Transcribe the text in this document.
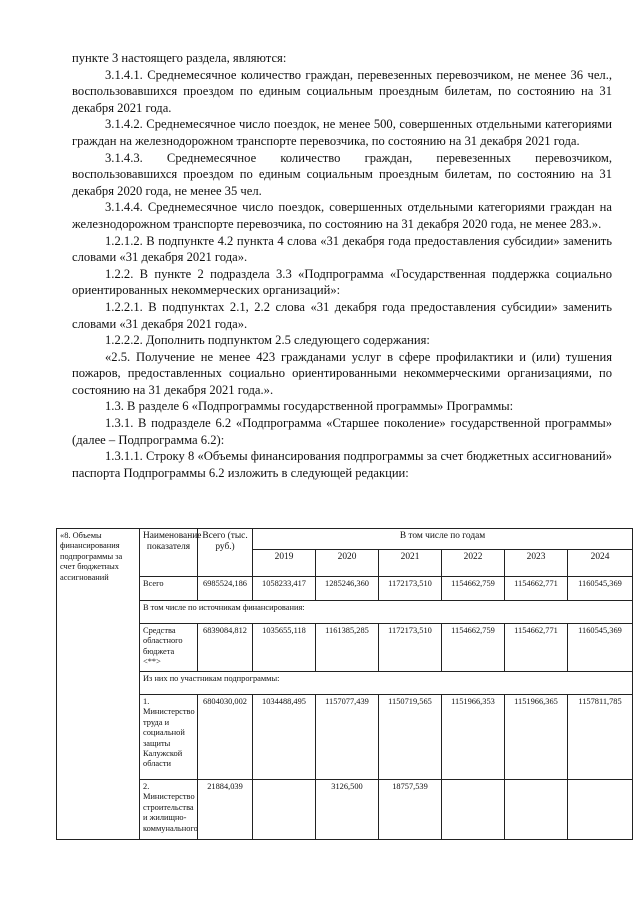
пункте 3 настоящего раздела, являются:

3.1.4.1. Среднемесячное количество граждан, перевезенных перевозчиком, не менее 36 чел., воспользовавшихся проездом по единым социальным проездным билетам, по состоянию на 31 декабря 2021 года.

3.1.4.2. Среднемесячное число поездок, не менее 500, совершенных отдельными категориями граждан на железнодорожном транспорте перевозчика, по состоянию на 31 декабря 2021 года.

3.1.4.3. Среднемесячное количество граждан, перевезенных перевозчиком, воспользовавшихся проездом по единым социальным проездным билетам, по состоянию на 31 декабря 2020 года, не менее 35 чел.

3.1.4.4. Среднемесячное число поездок, совершенных отдельными категориями граждан на железнодорожном транспорте перевозчика, по состоянию на 31 декабря 2020 года, не менее 283.».

1.2.1.2. В подпункте 4.2 пункта 4 слова «31 декабря года предоставления субсидии» заменить словами «31 декабря 2021 года».

1.2.2. В пункте 2 подраздела 3.3 «Подпрограмма «Государственная поддержка социально ориентированных некоммерческих организаций»:

1.2.2.1. В подпунктах 2.1, 2.2 слова «31 декабря года предоставления субсидии» заменить словами «31 декабря 2021 года».

1.2.2.2. Дополнить подпунктом 2.5 следующего содержания:

«2.5. Получение не менее 423 гражданами услуг в сфере профилактики и (или) тушения пожаров, предоставленных социально ориентированными некоммерческими организациями, по состоянию на 31 декабря 2021 года.».

1.3. В разделе 6 «Подпрограммы государственной программы» Программы:

1.3.1. В подразделе 6.2 «Подпрограмма «Старшее поколение» государственной программы» (далее – Подпрограмма 6.2):

1.3.1.1. Строку 8 «Объемы финансирования подпрограммы за счет бюджетных ассигнований» паспорта Подпрограммы 6.2 изложить в следующей редакции:

«8. Объемы финансирования подпрограммы за счет бюджетных ассигнований	Наименование показателя	Всего (тыс. руб.)	В том числе по годам					
			2019	2020	2021	2022	2023	2024
	Всего	6985524,186	1058233,417	1285246,360	1172173,510	1154662,759	1154662,771	1160545,369
	В том числе по источникам финансирования:							
	Средства областного бюджета <**>	6839084,812	1035655,118	1161385,285	1172173,510	1154662,759	1154662,771	1160545,369
	Из них по участникам подпрограммы:							
	1. Министерство труда и социальной защиты Калужской области	6804030,002	1034488,495	1157077,439	1150719,565	1151966,353	1151966,365	1157811,785
	2. Министерство строительства и жилищно-коммунального	21884,039		3126,500	18757,539			
